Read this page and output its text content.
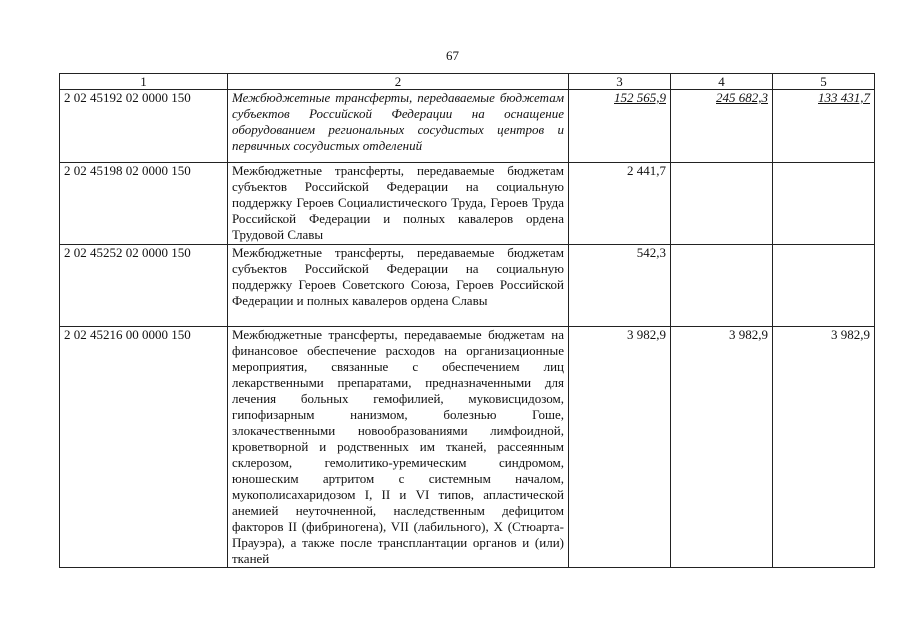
67
1	2	3	4	5
2 02 45192 02 0000 150	Межбюджетные трансферты, передаваемые бюджетам субъектов Российской Федерации на оснащение оборудованием региональных сосудистых центров и первичных сосудистых отделений	152 565,9	245 682,3	133 431,7
2 02 45198 02 0000 150	Межбюджетные трансферты, передаваемые бюджетам субъектов Российской Федерации на социальную поддержку Героев Социалистического Труда, Героев Труда Российской Федерации и полных кавалеров ордена Трудовой Славы	2 441,7		
2 02 45252 02 0000 150	Межбюджетные трансферты, передаваемые бюджетам субъектов Российской Федерации на социальную поддержку Героев Советского Союза, Героев Российской Федерации и полных кавалеров ордена Славы	542,3		
2 02 45216 00 0000 150	Межбюджетные трансферты, передаваемые бюджетам на финансовое обеспечение расходов на организационные мероприятия, связанные с обеспечением лиц лекарственными препаратами, предназначенными для лечения больных гемофилией, муковисцидозом, гипофизарным нанизмом, болезнью Гоше, злокачественными новообразованиями лимфоидной, кроветворной и родственных им тканей, рассеянным склерозом, гемолитико-уремическим синдромом, юношеским артритом с системным началом, мукополисахаридозом I, II и VI типов, апластической анемией неуточненной, наследственным дефицитом факторов II (фибриногена), VII (лабильного), X (Стюарта-Прауэра), а также после трансплантации органов и (или) тканей	3 982,9	3 982,9	3 982,9
